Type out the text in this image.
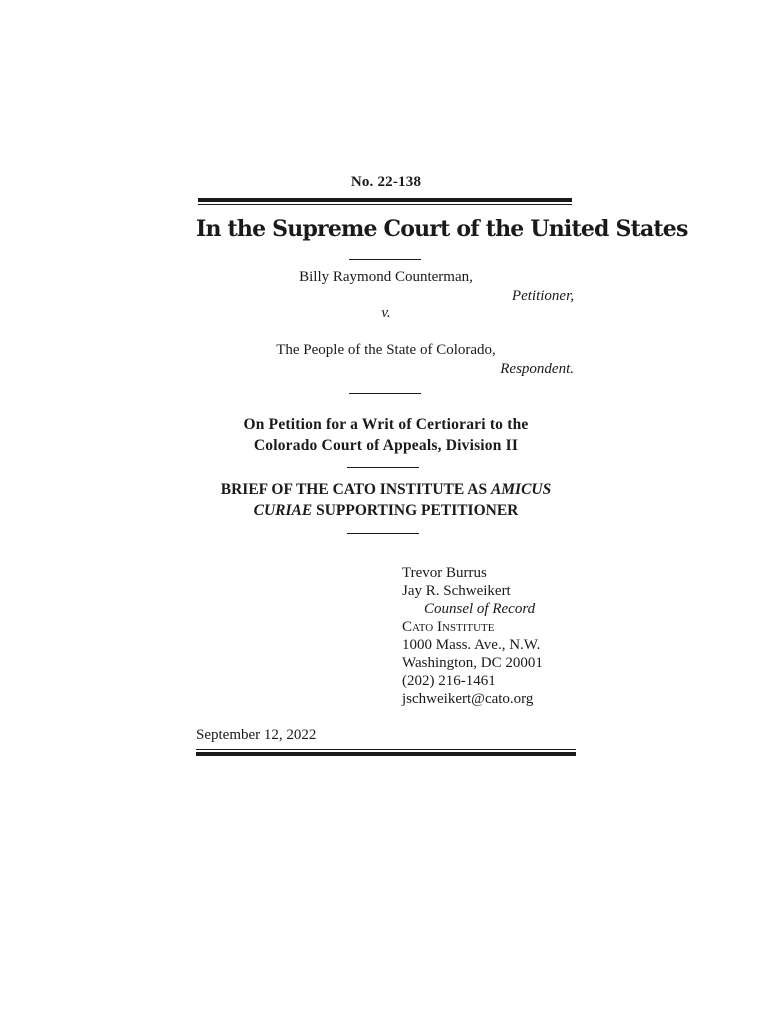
No. 22-138
In the Supreme Court of the United States
Billy Raymond Counterman,
Petitioner,
v.
The People of the State of Colorado,
Respondent.
On Petition for a Writ of Certiorari to the
Colorado Court of Appeals, Division II
BRIEF OF THE CATO INSTITUTE AS AMICUS
CURIAE SUPPORTING PETITIONER
Trevor Burrus
Jay R. Schweikert
Counsel of Record
Cato Institute
1000 Mass. Ave., N.W.
Washington, DC 20001
(202) 216-1461
jschweikert@cato.org
September 12, 2022
